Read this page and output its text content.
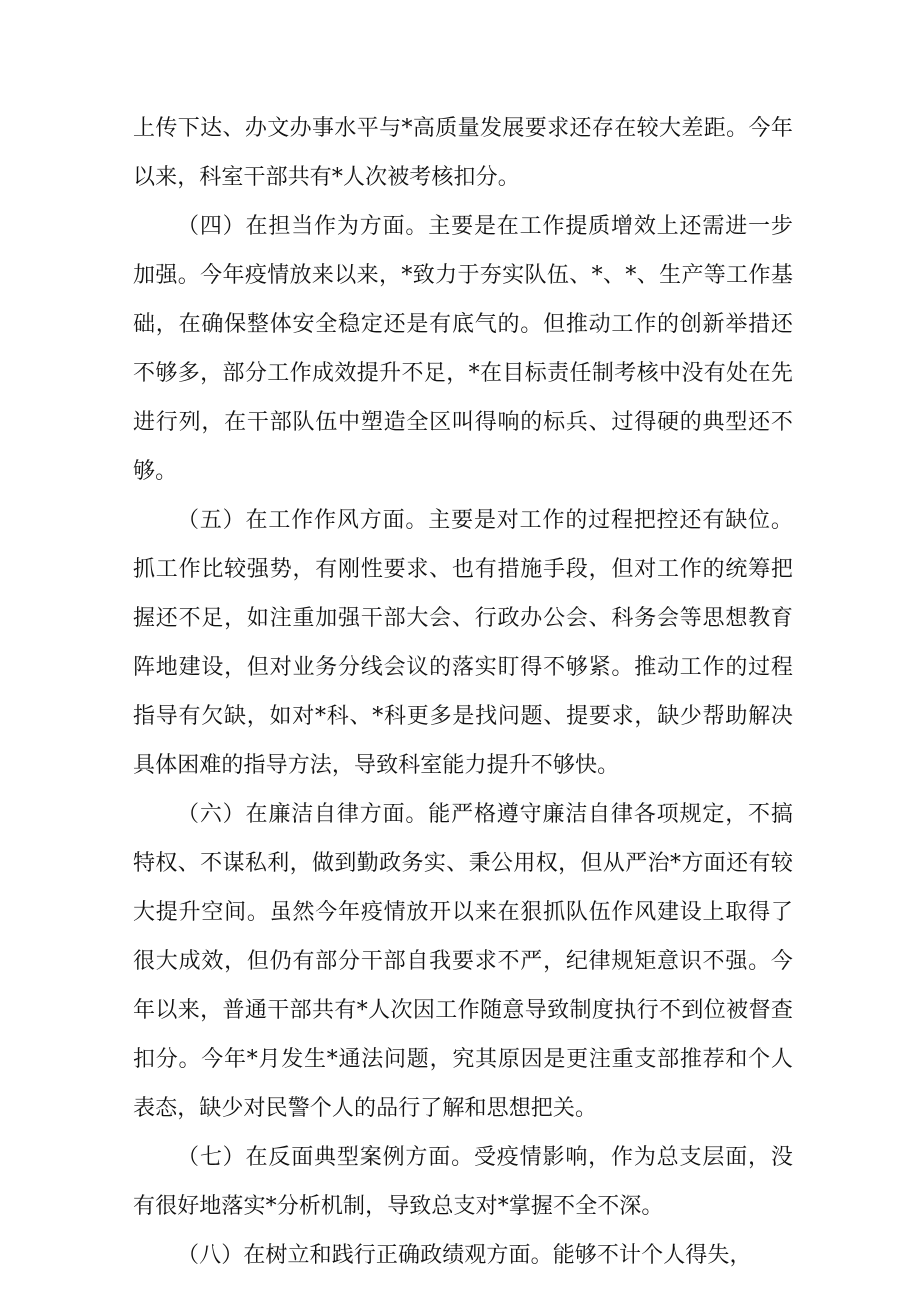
上传下达、办文办事水平与*高质量发展要求还存在较大差距。今年以来，科室干部共有*人次被考核扣分。

（四）在担当作为方面。主要是在工作提质增效上还需进一步加强。今年疫情放来以来，*致力于夯实队伍、*、*、生产等工作基础，在确保整体安全稳定还是有底气的。但推动工作的创新举措还不够多，部分工作成效提升不足，*在目标责任制考核中没有处在先进行列，在干部队伍中塑造全区叫得响的标兵、过得硬的典型还不够。

（五）在工作作风方面。主要是对工作的过程把控还有缺位。抓工作比较强势，有刚性要求、也有措施手段，但对工作的统筹把握还不足，如注重加强干部大会、行政办公会、科务会等思想教育阵地建设，但对业务分线会议的落实盯得不够紧。推动工作的过程指导有欠缺，如对*科、*科更多是找问题、提要求，缺少帮助解决具体困难的指导方法，导致科室能力提升不够快。

（六）在廉洁自律方面。能严格遵守廉洁自律各项规定，不搞特权、不谋私利，做到勤政务实、秉公用权，但从严治*方面还有较大提升空间。虽然今年疫情放开以来在狠抓队伍作风建设上取得了很大成效，但仍有部分干部自我要求不严，纪律规矩意识不强。今年以来，普通干部共有*人次因工作随意导致制度执行不到位被督查扣分。今年*月发生*通法问题，究其原因是更注重支部推荐和个人表态，缺少对民警个人的品行了解和思想把关。

（七）在反面典型案例方面。受疫情影响，作为总支层面，没有很好地落实*分析机制，导致总支对*掌握不全不深。

（八）在树立和践行正确政绩观方面。能够不计个人得失，
